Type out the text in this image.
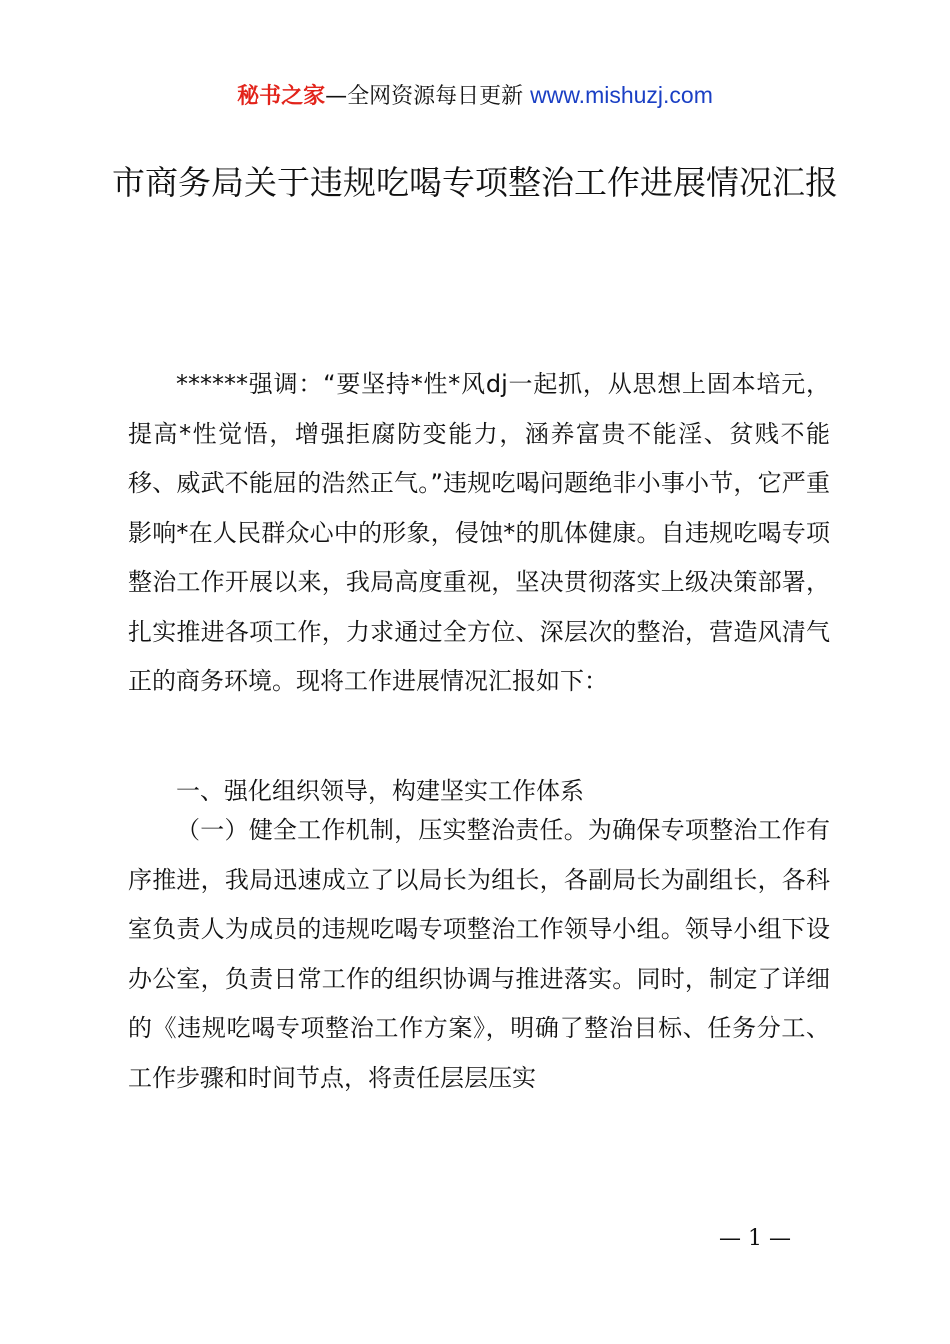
秘书之家—全网资源每日更新 www.mishuzj.com
市商务局关于违规吃喝专项整治工作进展情况汇报

******强调：“要坚持*性*风dj一起抓，从思想上固本培元，提高*性觉悟，增强拒腐防变能力，涵养富贵不能淫、贫贱不能移、威武不能屈的浩然正气。”违规吃喝问题绝非小事小节，它严重影响*在人民群众心中的形象，侵蚀*的肌体健康。自违规吃喝专项整治工作开展以来，我局高度重视，坚决贯彻落实上级决策部署，扎实推进各项工作，力求通过全方位、深层次的整治，营造风清气正的商务环境。现将工作进展情况汇报如下：

一、强化组织领导，构建坚实工作体系

（一）健全工作机制，压实整治责任。为确保专项整治工作有序推进，我局迅速成立了以局长为组长，各副局长为副组长，各科室负责人为成员的违规吃喝专项整治工作领导小组。领导小组下设办公室，负责日常工作的组织协调与推进落实。同时，制定了详细的《违规吃喝专项整治工作方案》，明确了整治目标、任务分工、工作步骤和时间节点，将责任层层压实

— 1 —
